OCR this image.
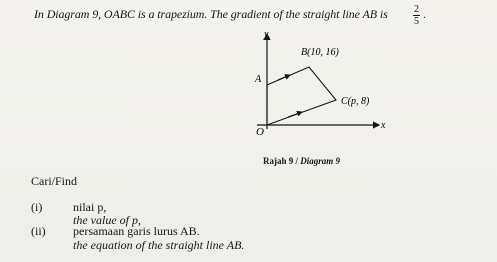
In Diagram 9, OABC is a trapezium. The gradient of the straight line AB is	2
5
.
y
x
O
A
B(10, 16)
C(p, 8)
Rajah 9 / Diagram 9
Cari/Find
(i)	nilai p,
the value of p,
(ii) persamaan garis lurus AB.
the equation of the straight line AB.
